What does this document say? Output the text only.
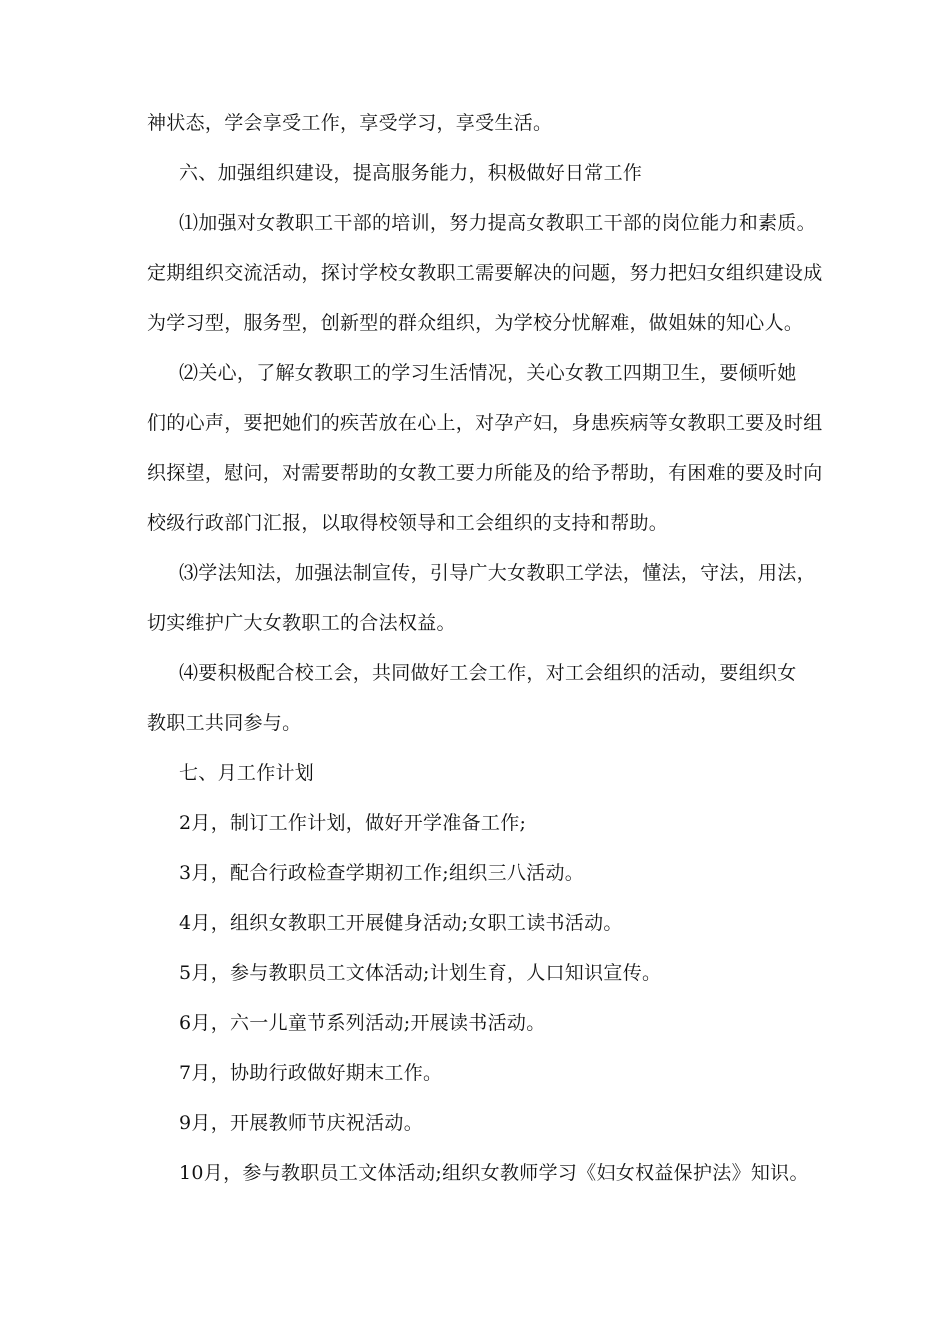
神状态，学会享受工作，享受学习，享受生活。
六、加强组织建设，提高服务能力，积极做好日常工作
⑴加强对女教职工干部的培训，努力提高女教职工干部的岗位能力和素质。
定期组织交流活动，探讨学校女教职工需要解决的问题，努力把妇女组织建设成
为学习型，服务型，创新型的群众组织，为学校分忧解难，做姐妹的知心人。
⑵关心，了解女教职工的学习生活情况，关心女教工四期卫生，要倾听她
们的心声，要把她们的疾苦放在心上，对孕产妇，身患疾病等女教职工要及时组
织探望，慰问，对需要帮助的女教工要力所能及的给予帮助，有困难的要及时向
校级行政部门汇报，以取得校领导和工会组织的支持和帮助。
⑶学法知法，加强法制宣传，引导广大女教职工学法，懂法，守法，用法，
切实维护广大女教职工的合法权益。
⑷要积极配合校工会，共同做好工会工作，对工会组织的活动，要组织女
教职工共同参与。
七、月工作计划
2月，制订工作计划，做好开学准备工作;
3月，配合行政检查学期初工作;组织三八活动。
4月，组织女教职工开展健身活动;女职工读书活动。
5月，参与教职员工文体活动;计划生育，人口知识宣传。
6月，六一儿童节系列活动;开展读书活动。
7月，协助行政做好期末工作。
9月，开展教师节庆祝活动。
10月，参与教职员工文体活动;组织女教师学习《妇女权益保护法》知识。
